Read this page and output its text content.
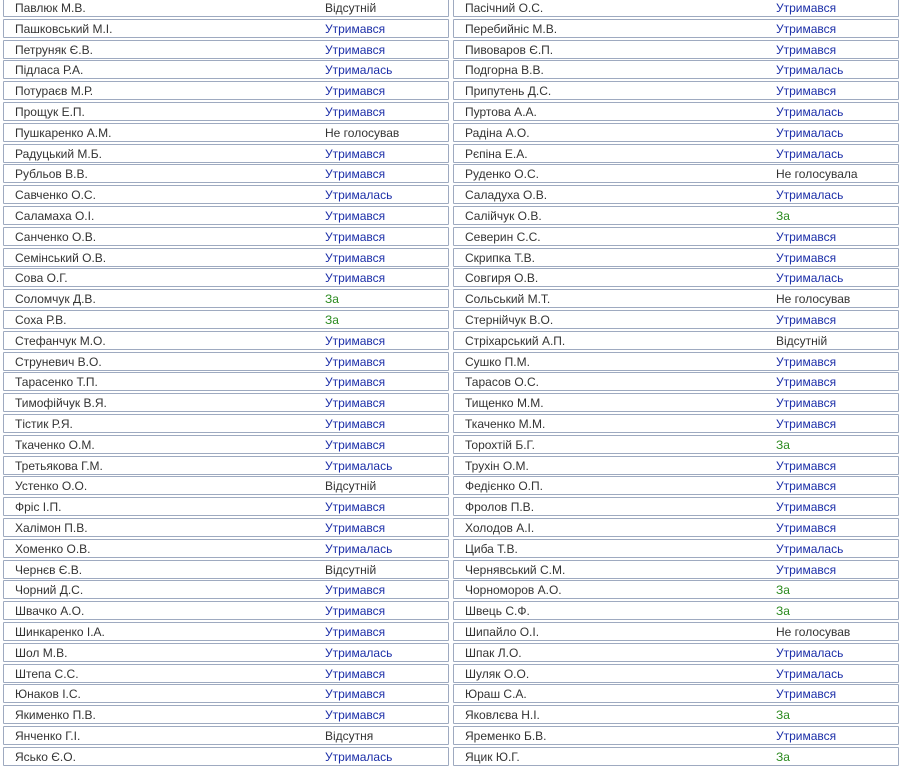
Павлюк М.В.	Відсутній
Пашковський М.І.	Утримався
Петруняк Є.В.	Утримався
Підласа Р.А.	Утрималась
Потураєв М.Р.	Утримався
Прощук Е.П.	Утримався
Пушкаренко А.М.	Не голосував
Радуцький М.Б.	Утримався
Рубльов В.В.	Утримався
Савченко О.С.	Утрималась
Саламаха О.І.	Утримався
Санченко О.В.	Утримався
Семінський О.В.	Утримався
Сова О.Г.	Утримався
Соломчук Д.В.	За
Соха Р.В.	За
Стефанчук М.О.	Утримався
Струневич В.О.	Утримався
Тарасенко Т.П.	Утримався
Тимофійчук В.Я.	Утримався
Тістик Р.Я.	Утримався
Ткаченко О.М.	Утримався
Третьякова Г.М.	Утрималась
Устенко О.О.	Відсутній
Фріс І.П.	Утримався
Халімон П.В.	Утримався
Хоменко О.В.	Утрималась
Чернєв Є.В.	Відсутній
Чорний Д.С.	Утримався
Швачко А.О.	Утримався
Шинкаренко І.А.	Утримався
Шол М.В.	Утрималась
Штепа С.С.	Утримався
Юнаков І.С.	Утримався
Якименко П.В.	Утримався
Янченко Г.І.	Відсутня
Ясько Є.О.	Утрималась
Пасічний О.С.	Утримався
Перебийніс М.В.	Утримався
Пивоваров Є.П.	Утримався
Подгорна В.В.	Утрималась
Припутень Д.С.	Утримався
Пуртова А.А.	Утрималась
Радіна А.О.	Утрималась
Рєпіна Е.А.	Утрималась
Руденко О.С.	Не голосувала
Саладуха О.В.	Утрималась
Салійчук О.В.	За
Северин С.С.	Утримався
Скрипка Т.В.	Утримався
Совгиря О.В.	Утрималась
Сольський М.Т.	Не голосував
Стернійчук В.О.	Утримався
Стріхарський А.П.	Відсутній
Сушко П.М.	Утримався
Тарасов О.С.	Утримався
Тищенко М.М.	Утримався
Ткаченко М.М.	Утримався
Торохтій Б.Г.	За
Трухін О.М.	Утримався
Федієнко О.П.	Утримався
Фролов П.В.	Утримався
Холодов А.І.	Утримався
Циба Т.В.	Утрималась
Чернявський С.М.	Утримався
Чорноморов А.О.	За
Швець С.Ф.	За
Шипайло О.І.	Не голосував
Шпак Л.О.	Утрималась
Шуляк О.О.	Утрималась
Юраш С.А.	Утримався
Яковлєва Н.І.	За
Яременко Б.В.	Утримався
Яцик Ю.Г.	За
